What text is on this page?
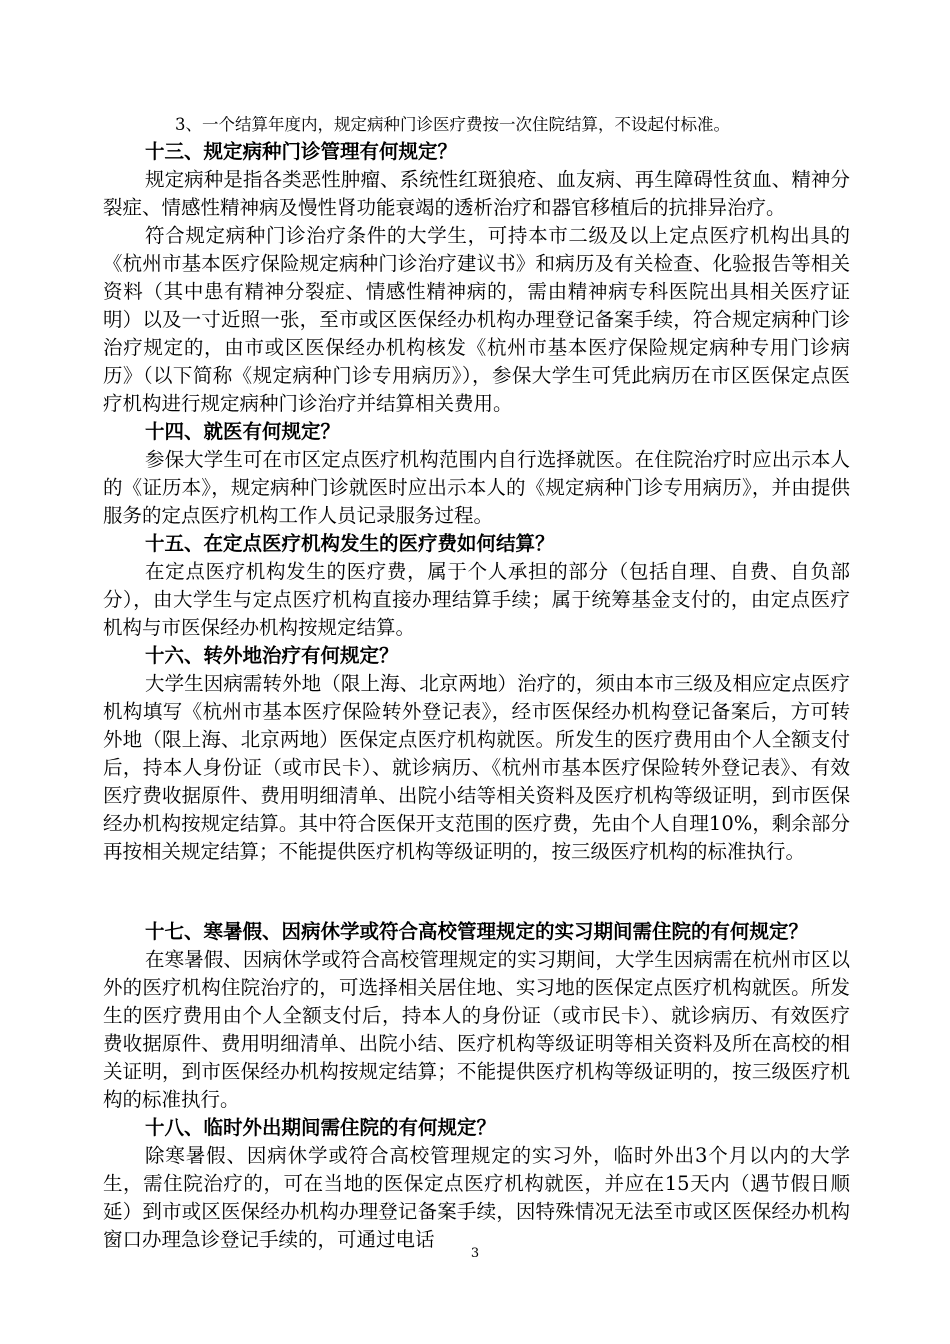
3、一个结算年度内，规定病种门诊医疗费按一次住院结算，不设起付标准。

十三、规定病种门诊管理有何规定？

规定病种是指各类恶性肿瘤、系统性红斑狼疮、血友病、再生障碍性贫血、精神分裂症、情感性精神病及慢性肾功能衰竭的透析治疗和器官移植后的抗排异治疗。

符合规定病种门诊治疗条件的大学生，可持本市二级及以上定点医疗机构出具的《杭州市基本医疗保险规定病种门诊治疗建议书》和病历及有关检查、化验报告等相关资料（其中患有精神分裂症、情感性精神病的，需由精神病专科医院出具相关医疗证明）以及一寸近照一张，至市或区医保经办机构办理登记备案手续，符合规定病种门诊治疗规定的，由市或区医保经办机构核发《杭州市基本医疗保险规定病种专用门诊病历》（以下简称《规定病种门诊专用病历》），参保大学生可凭此病历在市区医保定点医疗机构进行规定病种门诊治疗并结算相关费用。

十四、就医有何规定？

参保大学生可在市区定点医疗机构范围内自行选择就医。在住院治疗时应出示本人的《证历本》，规定病种门诊就医时应出示本人的《规定病种门诊专用病历》，并由提供服务的定点医疗机构工作人员记录服务过程。

十五、在定点医疗机构发生的医疗费如何结算？

在定点医疗机构发生的医疗费，属于个人承担的部分（包括自理、自费、自负部分），由大学生与定点医疗机构直接办理结算手续；属于统筹基金支付的，由定点医疗机构与市医保经办机构按规定结算。

十六、转外地治疗有何规定？

大学生因病需转外地（限上海、北京两地）治疗的，须由本市三级及相应定点医疗机构填写《杭州市基本医疗保险转外登记表》，经市医保经办机构登记备案后，方可转外地（限上海、北京两地）医保定点医疗机构就医。所发生的医疗费用由个人全额支付后，持本人身份证（或市民卡）、就诊病历、《杭州市基本医疗保险转外登记表》、有效医疗费收据原件、费用明细清单、出院小结等相关资料及医疗机构等级证明，到市医保经办机构按规定结算。其中符合医保开支范围的医疗费，先由个人自理10%，剩余部分再按相关规定结算；不能提供医疗机构等级证明的，按三级医疗机构的标准执行。

十七、寒暑假、因病休学或符合高校管理规定的实习期间需住院的有何规定？

在寒暑假、因病休学或符合高校管理规定的实习期间，大学生因病需在杭州市区以外的医疗机构住院治疗的，可选择相关居住地、实习地的医保定点医疗机构就医。所发生的医疗费用由个人全额支付后，持本人的身份证（或市民卡）、就诊病历、有效医疗费收据原件、费用明细清单、出院小结、医疗机构等级证明等相关资料及所在高校的相关证明，到市医保经办机构按规定结算；不能提供医疗机构等级证明的，按三级医疗机构的标准执行。

十八、临时外出期间需住院的有何规定？

除寒暑假、因病休学或符合高校管理规定的实习外，临时外出3个月以内的大学生，需住院治疗的，可在当地的医保定点医疗机构就医，并应在15天内（遇节假日顺延）到市或区医保经办机构办理登记备案手续，因特殊情况无法至市或区医保经办机构窗口办理急诊登记手续的，可通过电话

3
